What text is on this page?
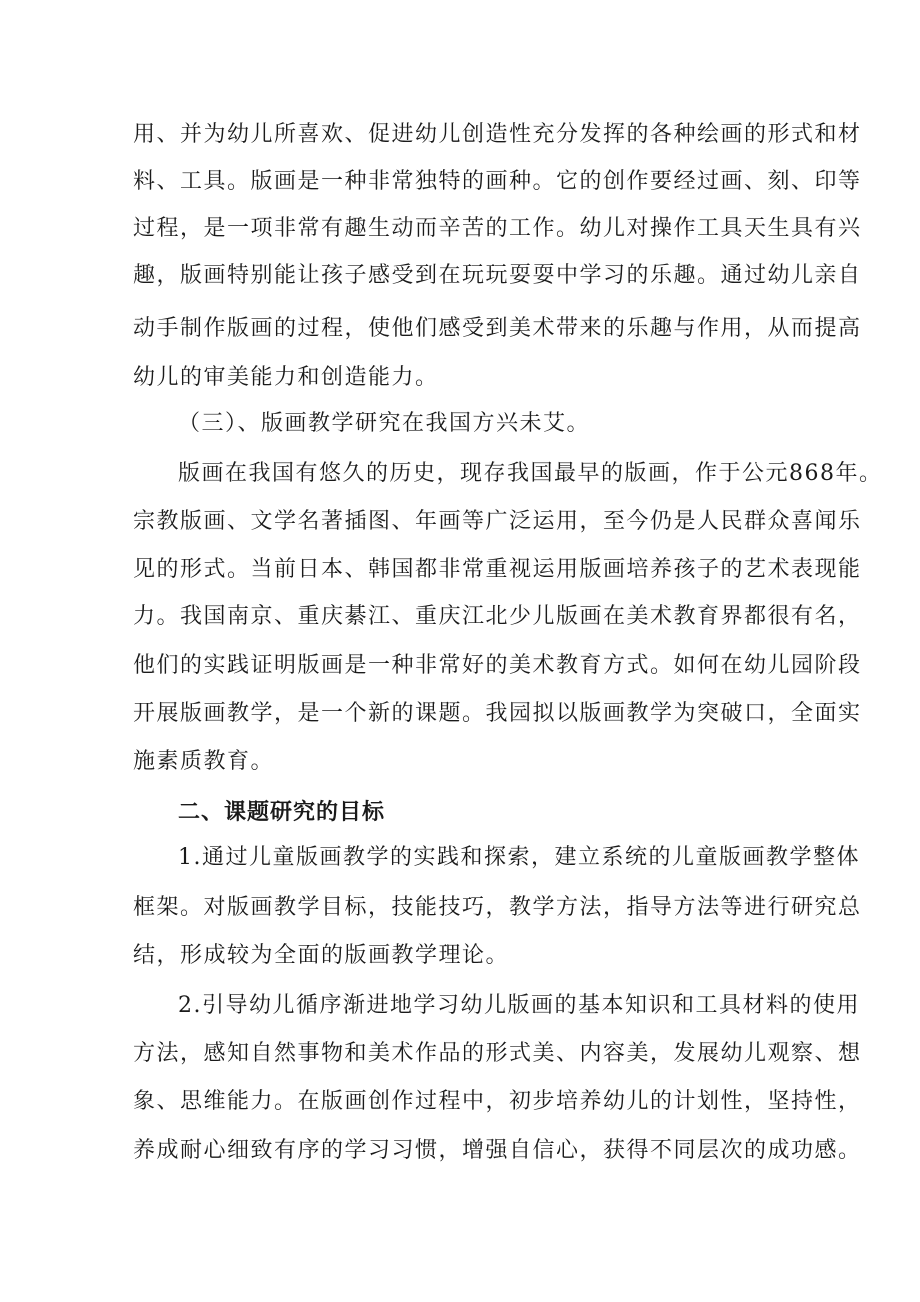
用、并为幼儿所喜欢、促进幼儿创造性充分发挥的各种绘画的形式和材
料、工具。版画是一种非常独特的画种。它的创作要经过画、刻、印等
过程，是一项非常有趣生动而辛苦的工作。幼儿对操作工具天生具有兴
趣，版画特别能让孩子感受到在玩玩耍耍中学习的乐趣。通过幼儿亲自
动手制作版画的过程，使他们感受到美术带来的乐趣与作用，从而提高
幼儿的审美能力和创造能力。
（三）、版画教学研究在我国方兴未艾。
版画在我国有悠久的历史，现存我国最早的版画，作于公元868年。
宗教版画、文学名著插图、年画等广泛运用，至今仍是人民群众喜闻乐
见的形式。当前日本、韩国都非常重视运用版画培养孩子的艺术表现能
力。我国南京、重庆綦江、重庆江北少儿版画在美术教育界都很有名，
他们的实践证明版画是一种非常好的美术教育方式。如何在幼儿园阶段
开展版画教学，是一个新的课题。我园拟以版画教学为突破口，全面实
施素质教育。
二、课题研究的目标
1.通过儿童版画教学的实践和探索，建立系统的儿童版画教学整体
框架。对版画教学目标，技能技巧，教学方法，指导方法等进行研究总
结，形成较为全面的版画教学理论。
2.引导幼儿循序渐进地学习幼儿版画的基本知识和工具材料的使用
方法，感知自然事物和美术作品的形式美、内容美，发展幼儿观察、想
象、思维能力。在版画创作过程中，初步培养幼儿的计划性，坚持性，
养成耐心细致有序的学习习惯，增强自信心，获得不同层次的成功感。
